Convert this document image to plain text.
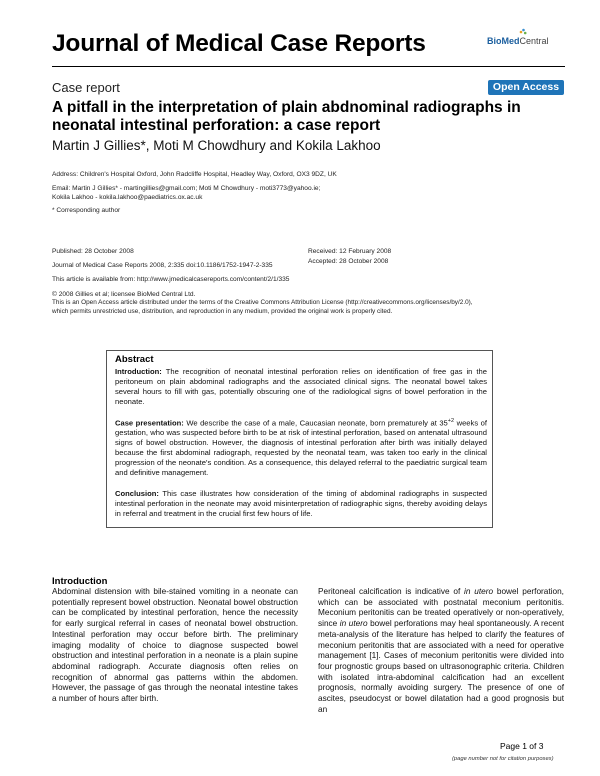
Journal of Medical Case Reports	BioMedCentral
Case report	Open Access
A pitfall in the interpretation of plain abdnominal radiographs in neonatal intestinal perforation: a case report
Martin J Gillies*, Moti M Chowdhury and Kokila Lakhoo
Address: Children's Hospital Oxford, John Radcliffe Hospital, Headley Way, Oxford, OX3 9DZ, UK
Email: Martin J Gillies* - martingillies@gmail.com; Moti M Chowdhury - moti3773@yahoo.ie;
Kokila Lakhoo - kokila.lakhoo@paediatrics.ox.ac.uk
* Corresponding author
Published: 28 October 2008
Journal of Medical Case Reports 2008, 2:335 doi:10.1186/1752-1947-2-335
Received: 12 February 2008
Accepted: 28 October 2008
This article is available from: http://www.jmedicalcasereports.com/content/2/1/335
© 2008 Gillies et al; licensee BioMed Central Ltd.
This is an Open Access article distributed under the terms of the Creative Commons Attribution License (http://creativecommons.org/licenses/by/2.0),
which permits unrestricted use, distribution, and reproduction in any medium, provided the original work is properly cited.
Abstract
Introduction: The recognition of neonatal intestinal perforation relies on identification of free gas in the peritoneum on plain abdominal radiographs and the associated clinical signs. The neonatal bowel takes several hours to fill with gas, potentially obscuring one of the radiological signs of bowel perforation in the neonate.
Case presentation: We describe the case of a male, Caucasian neonate, born prematurely at $35^{+2}$ weeks of gestation, who was suspected before birth to be at risk of intestinal perforation, based on antenatal ultrasound signs of bowel obstruction. However, the diagnosis of intestinal perforation after birth was initially delayed because the first abdominal radiograph, requested by the neonatal team, was taken too early in the clinical progression of the neonate's condition. As a consequence, this delayed referral to the paediatric surgical team and definitive management.
Conclusion: This case illustrates how consideration of the timing of abdominal radiographs in suspected intestinal perforation in the neonate may avoid misinterpretation of radiographic signs, thereby avoiding delays in referral and treatment in the crucial first few hours of life.
Introduction
Abdominal distension with bile-stained vomiting in a neonate can potentially represent bowel obstruction. Neonatal bowel obstruction can be complicated by intestinal perforation, hence the necessity for early surgical referral in cases of neonatal bowel obstruction. Intestinal perforation may occur before birth. The preliminary imaging modality of choice to diagnose suspected bowel obstruction and intestinal perforation in a neonate is a plain supine abdominal radiograph. Accurate diagnosis often relies on recognition of abnormal gas patterns within the abdomen. However, the passage of gas through the neonatal intestine takes a number of hours after birth.
Peritoneal calcification is indicative of in utero bowel perforation, which can be associated with postnatal meconium peritonitis. Meconium peritonitis can be treated operatively or non-operatively, since in utero bowel perforations may heal spontaneously. A recent meta-analysis of the literature has helped to clarify the features of meconium peritonitis that are associated with a need for operative management [1]. Cases of meconium peritonitis were divided into four prognostic groups based on ultrasonographic criteria. Children with isolated intra-abdominal calcification had an excellent prognosis, normally avoiding surgery. The presence of one of ascites, pseudocyst or bowel dilatation had a good prognosis but an
Page 1 of 3
(page number not for citation purposes)
